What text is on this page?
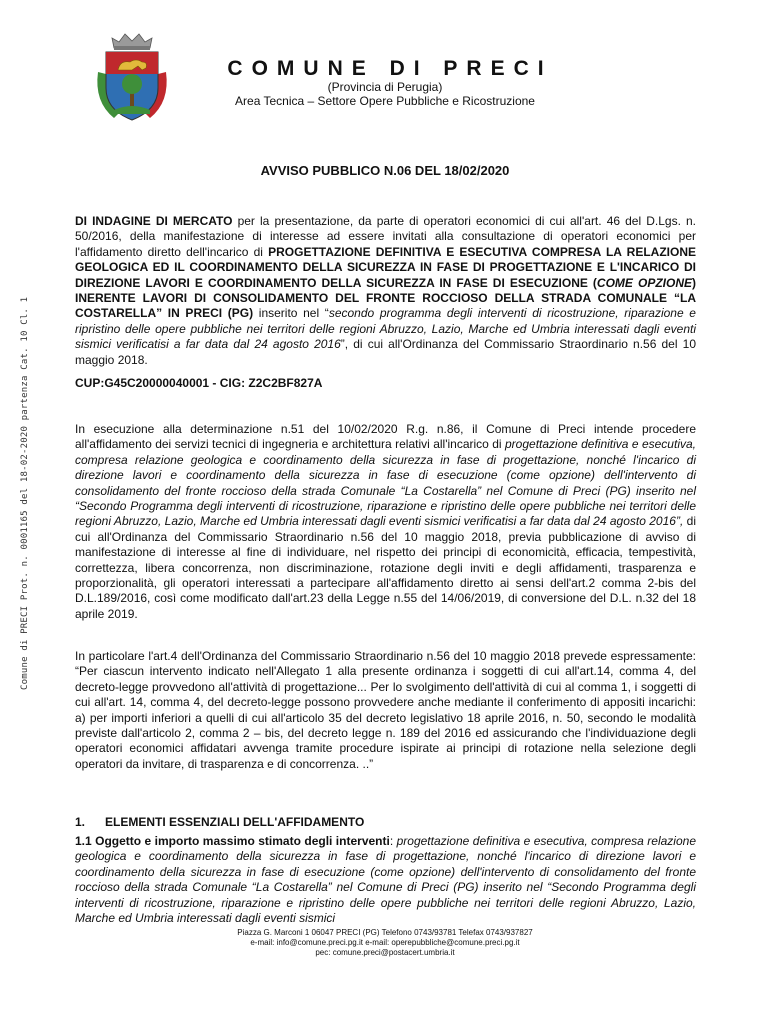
Comune di PRECI Prot. n. 0001165 del 18-02-2020 partenza Cat. 10 Cl. 1
COMUNE DI PRECI
(Provincia di Perugia)
Area Tecnica – Settore Opere Pubbliche e Ricostruzione
AVVISO PUBBLICO N.06 DEL 18/02/2020
DI INDAGINE DI MERCATO per la presentazione, da parte di operatori economici di cui all'art. 46 del D.Lgs. n. 50/2016, della manifestazione di interesse ad essere invitati alla consultazione di operatori economici per l'affidamento diretto dell'incarico di PROGETTAZIONE DEFINITIVA E ESECUTIVA COMPRESA LA RELAZIONE GEOLOGICA ED IL COORDINAMENTO DELLA SICUREZZA IN FASE DI PROGETTAZIONE E L'INCARICO DI DIREZIONE LAVORI E COORDINAMENTO DELLA SICUREZZA IN FASE DI ESECUZIONE (COME OPZIONE) INERENTE LAVORI DI CONSOLIDAMENTO DEL FRONTE ROCCIOSO DELLA STRADA COMUNALE “LA COSTARELLA” IN PRECI (PG) inserito nel “secondo programma degli interventi di ricostruzione, riparazione e ripristino delle opere pubbliche nei territori delle regioni Abruzzo, Lazio, Marche ed Umbria interessati dagli eventi sismici verificatisi a far data dal 24 agosto 2016”, di cui all'Ordinanza del Commissario Straordinario n.56 del 10 maggio 2018.
CUP:G45C20000040001 - CIG: Z2C2BF827A
In esecuzione alla determinazione n.51 del 10/02/2020 R.g. n.86, il Comune di Preci intende procedere all'affidamento dei servizi tecnici di ingegneria e architettura relativi all'incarico di progettazione definitiva e esecutiva, compresa relazione geologica e coordinamento della sicurezza in fase di progettazione, nonché l'incarico di direzione lavori e coordinamento della sicurezza in fase di esecuzione (come opzione) dell'intervento di consolidamento del fronte roccioso della strada Comunale “La Costarella” nel Comune di Preci (PG) inserito nel “Secondo Programma degli interventi di ricostruzione, riparazione e ripristino delle opere pubbliche nei territori delle regioni Abruzzo, Lazio, Marche ed Umbria interessati dagli eventi sismici verificatisi a far data dal 24 agosto 2016”, di cui all'Ordinanza del Commissario Straordinario n.56 del 10 maggio 2018, previa pubblicazione di avviso di manifestazione di interesse al fine di individuare, nel rispetto dei principi di economicità, efficacia, tempestività, correttezza, libera concorrenza, non discriminazione, rotazione degli inviti e degli affidamenti, trasparenza e proporzionalità, gli operatori interessati a partecipare all'affidamento diretto ai sensi dell'art.2 comma 2-bis del D.L.189/2016, così come modificato dall'art.23 della Legge n.55 del 14/06/2019, di conversione del D.L. n.32 del 18 aprile 2019.
In particolare l'art.4 dell'Ordinanza del Commissario Straordinario n.56 del 10 maggio 2018 prevede espressamente: “Per ciascun intervento indicato nell'Allegato 1 alla presente ordinanza i soggetti di cui all'art.14, comma 4, del decreto-legge provvedono all'attività di progettazione... Per lo svolgimento dell'attività di cui al comma 1, i soggetti di cui all'art. 14, comma 4, del decreto-legge possono provvedere anche mediante il conferimento di appositi incarichi: a) per importi inferiori a quelli di cui all'articolo 35 del decreto legislativo 18 aprile 2016, n. 50, secondo le modalità previste dall'articolo 2, comma 2 – bis, del decreto legge n. 189 del 2016 ed assicurando che l'individuazione degli operatori economici affidatari avvenga tramite procedure ispirate ai principi di rotazione nella selezione degli operatori da invitare, di trasparenza e di concorrenza. ..”
1. ELEMENTI ESSENZIALI DELL'AFFIDAMENTO
1.1 Oggetto e importo massimo stimato degli interventi: progettazione definitiva e esecutiva, compresa relazione geologica e coordinamento della sicurezza in fase di progettazione, nonché l'incarico di direzione lavori e coordinamento della sicurezza in fase di esecuzione (come opzione) dell'intervento di consolidamento del fronte roccioso della strada Comunale “La Costarella” nel Comune di Preci (PG) inserito nel “Secondo Programma degli interventi di ricostruzione, riparazione e ripristino delle opere pubbliche nei territori delle regioni Abruzzo, Lazio, Marche ed Umbria interessati dagli eventi sismici
Piazza G. Marconi 1 06047 PRECI (PG) Telefono 0743/93781 Telefax 0743/937827
e-mail: info@comune.preci.pg.it e-mail: operepubbliche@comune.preci.pg.it
pec: comune.preci@postacert.umbria.it
